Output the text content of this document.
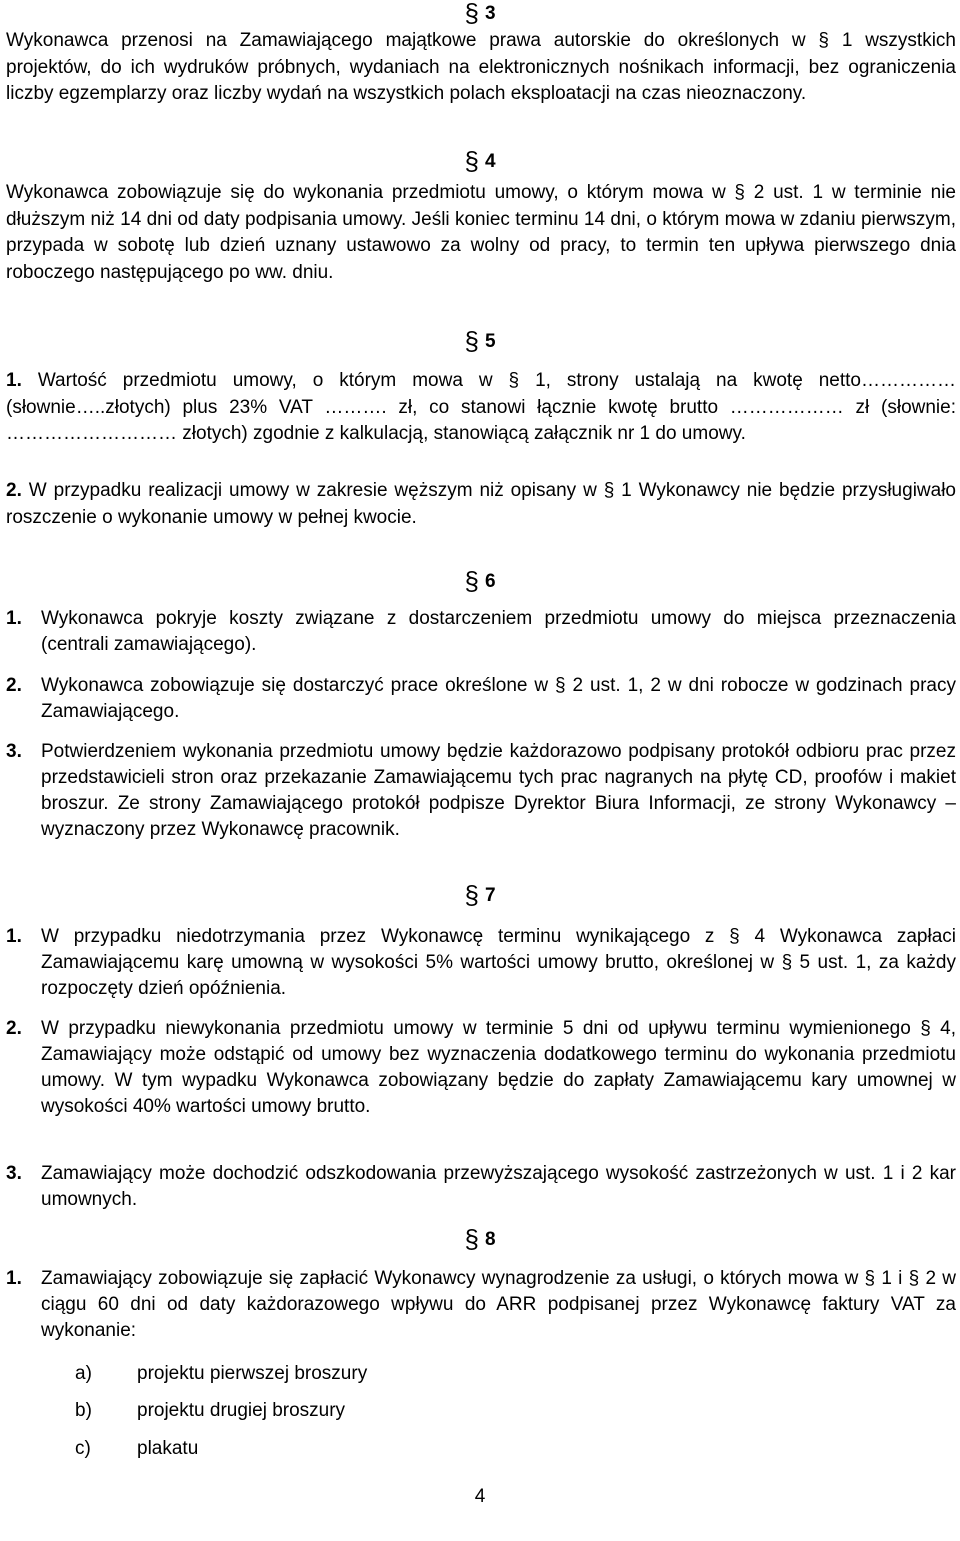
§ 3

Wykonawca przenosi na Zamawiającego majątkowe prawa autorskie do określonych w § 1 wszystkich projektów, do ich wydruków próbnych, wydaniach na elektronicznych nośnikach informacji, bez ograniczenia liczby egzemplarzy oraz liczby wydań na wszystkich polach eksploatacji na czas nieoznaczony.

§ 4

Wykonawca zobowiązuje się do wykonania przedmiotu umowy, o którym mowa w § 2 ust. 1 w terminie nie dłuższym niż 14 dni od daty podpisania umowy. Jeśli koniec terminu 14 dni, o którym mowa w zdaniu pierwszym, przypada w sobotę lub dzień uznany ustawowo za wolny od pracy, to termin ten upływa pierwszego dnia roboczego następującego po ww. dniu.

§ 5

1. Wartość przedmiotu umowy, o którym mowa w § 1, strony ustalają na kwotę netto……………(słownie…..złotych) plus 23% VAT ………. zł, co stanowi łącznie kwotę brutto ……………… zł (słownie: ……………………… złotych) zgodnie z kalkulacją, stanowiącą załącznik nr 1 do umowy.

2. W przypadku realizacji umowy w zakresie węższym niż opisany w § 1 Wykonawcy nie będzie przysługiwało roszczenie o wykonanie umowy w pełnej kwocie.

§ 6
1. Wykonawca pokryje koszty związane z dostarczeniem przedmiotu umowy do miejsca przeznaczenia (centrali zamawiającego).
2. Wykonawca zobowiązuje się dostarczyć prace określone w § 2 ust. 1, 2 w dni robocze w godzinach pracy Zamawiającego.
3. Potwierdzeniem wykonania przedmiotu umowy będzie każdorazowo podpisany protokół odbioru prac przez przedstawicieli stron oraz przekazanie Zamawiającemu tych prac nagranych na płytę CD, proofów i makiet broszur. Ze strony Zamawiającego protokół podpisze Dyrektor Biura Informacji, ze strony Wykonawcy – wyznaczony przez Wykonawcę pracownik.
§ 7
1. W przypadku niedotrzymania przez Wykonawcę terminu wynikającego z § 4 Wykonawca zapłaci Zamawiającemu karę umowną w wysokości 5% wartości umowy brutto, określonej w § 5 ust. 1, za każdy rozpoczęty dzień opóźnienia.
2. W przypadku niewykonania przedmiotu umowy w terminie 5 dni od upływu terminu wymienionego § 4, Zamawiający może odstąpić od umowy bez wyznaczenia dodatkowego terminu do wykonania przedmiotu umowy. W tym wypadku Wykonawca zobowiązany będzie do zapłaty Zamawiającemu kary umownej w wysokości 40% wartości umowy brutto.
3. Zamawiający może dochodzić odszkodowania przewyższającego wysokość zastrzeżonych w ust. 1 i 2 kar umownych.
§ 8
1. Zamawiający zobowiązuje się zapłacić Wykonawcy wynagrodzenie za usługi, o których mowa w § 1 i § 2 w ciągu 60 dni od daty każdorazowego wpływu do ARR podpisanej przez Wykonawcę faktury VAT za wykonanie:
a) projektu pierwszej broszury
b) projektu drugiej broszury
c) plakatu
4
